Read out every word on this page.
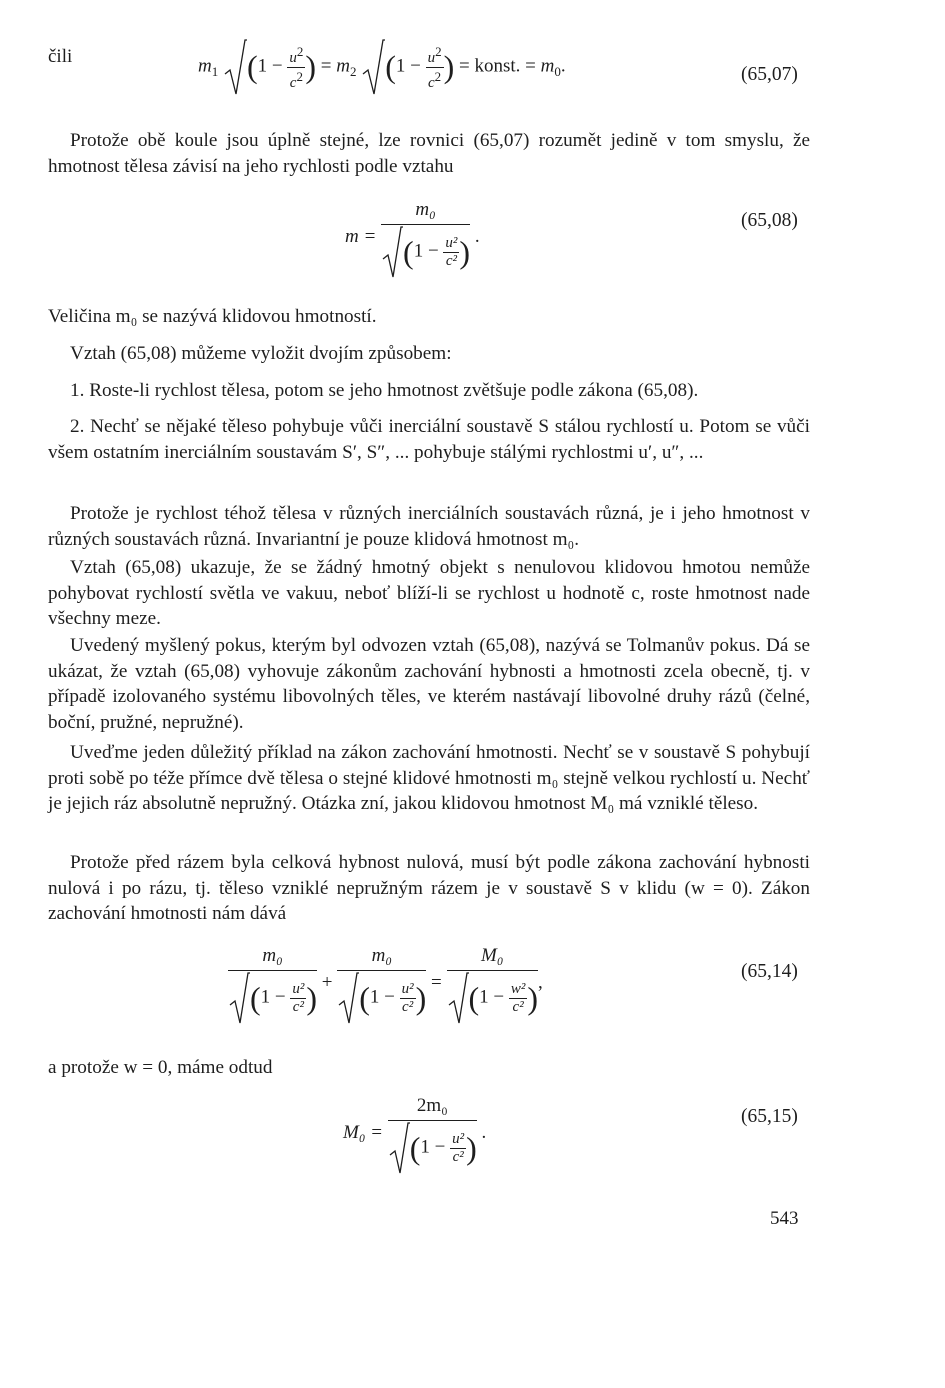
čili	$m_1$ ($1 - \frac{u^2}{c^2}$ ) = $m_2$ ($1 - \frac{u^2}{c^2}$ ) = konst. = $m_0$.	(65,07)

Protože obě koule jsou úplně stejné, lze rovnici (65,07) rozumět jedině v tom smyslu, že hmotnost tělesa závisí na jeho rychlosti podle vztahu

$m = \frac{\text{m₀}}{(1 - \frac{\text{u²}}{\text{c²}} )}$ .
(65,08)

Veličina m₀ se nazývá klidovou hmotností.

Vztah (65,08) můžeme vyložit dvojím způsobem:

1. Roste-li rychlost tělesa, potom se jeho hmotnost zvětšuje podle zákona (65,08).

2. Nechť se nějaké těleso pohybuje vůči inerciální soustavě S stálou rychlostí u. Potom se vůči všem ostatním inerciálním soustavám S′, S″, ... pohybuje stálými rychlostmi u′, u″, ...

Protože je rychlost téhož tělesa v různých inerciálních soustavách různá, je i jeho hmotnost v různých soustavách různá. Invariantní je pouze klidová hmotnost m₀.

Vztah (65,08) ukazuje, že se žádný hmotný objekt s nenulovou klidovou hmotou nemůže pohybovat rychlostí světla ve vakuu, neboť blíží-li se rychlost u hodnotě c, roste hmotnost nade všechny meze.

Uvedený myšlený pokus, kterým byl odvozen vztah (65,08), nazývá se Tolmanův pokus. Dá se ukázat, že vztah (65,08) vyhovuje zákonům zachování hybnosti a hmotnosti zcela obecně, tj. v případě izolovaného systému libovolných těles, ve kterém nastávají libovolné druhy rázů (čelné, boční, pružné, nepružné).

Uveďme jeden důležitý příklad na zákon zachování hmotnosti. Nechť se v soustavě S pohybují proti sobě po téže přímce dvě tělesa o stejné klidové hmotnosti m₀ stejně velkou rychlostí u. Nechť je jejich ráz absolutně nepružný. Otázka zní, jakou klidovou hmotnost M₀ má vzniklé těleso.

Protože před rázem byla celková hybnost nulová, musí být podle zákona zachování hybnosti nulová i po rázu, tj. těleso vzniklé nepružným rázem je v soustavě S v klidu (w = 0). Zákon zachování hmotnosti nám dává

$\frac{\text{m₀}}{(1 - \frac{\text{u²}}{\text{c²}} )} + \frac{\text{m₀}}{(1 - \frac{\text{u²}}{\text{c²}} )} = \frac{\text{M₀}}{(1 - \frac{\text{w²}}{\text{c²}} )}$ ,
(65,14)

a protože w = 0, máme odtud

$M_0 = \frac{\text{2m₀}}{(1 - \frac{\text{u²}}{\text{c²}} )}$ .
(65,15)
543
